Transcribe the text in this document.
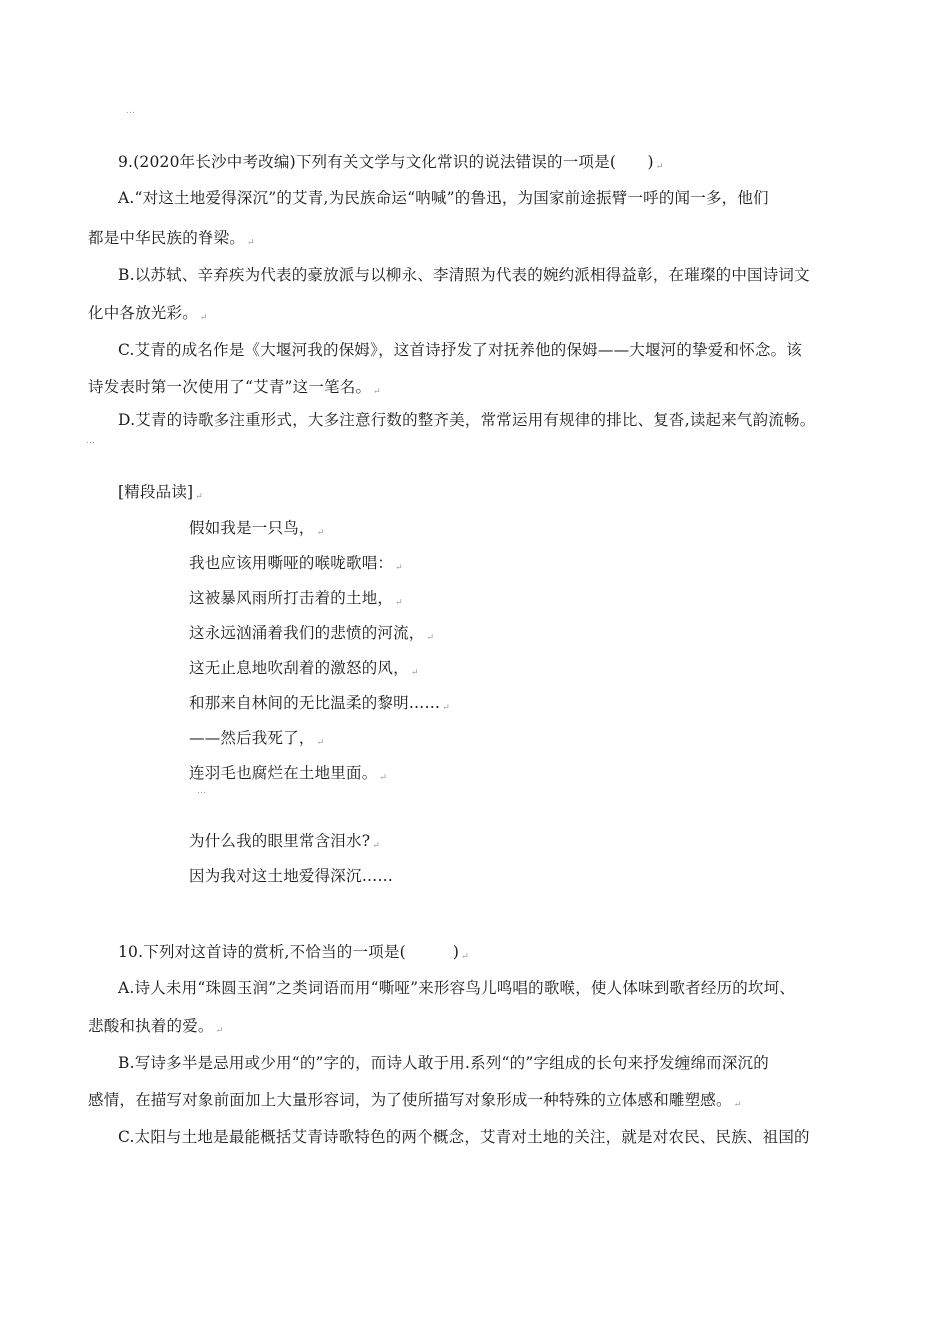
…
9.(2020年长沙中考改编)下列有关文学与文化常识的说法错误的一项是(　　) ↵
A.“对这土地爱得深沉”的艾青,为民族命运“呐喊”的鲁迅，为国家前途振臂一呼的闻一多，他们
都是中华民族的脊梁。 ↵
B.以苏轼、辛弃疾为代表的豪放派与以柳永、李清照为代表的婉约派相得益彰，在璀璨的中国诗词文
化中各放光彩。 ↵
C.艾青的成名作是《大堰河我的保姆》，这首诗抒发了对抚养他的保姆——大堰河的挚爱和怀念。该
诗发表时第一次使用了“艾青”这一笔名。 ↵
D.艾青的诗歌多注重形式，大多注意行数的整齐美，常常运用有规律的排比、复沓,读起来气韵流畅。
…
[精段品读] ↵
假如我是一只鸟， ↵
我也应该用嘶哑的喉咙歌唱： ↵
这被暴风雨所打击着的土地， ↵
这永远汹涌着我们的悲愤的河流， ↵
这无止息地吹刮着的激怒的风， ↵
和那来自林间的无比温柔的黎明…… ↵
——然后我死了， ↵
连羽毛也腐烂在土地里面。 ↵
…
为什么我的眼里常含泪水? ↵
因为我对这土地爱得深沉……
10.下列对这首诗的赏析,不恰当的一项是(　　　) ↵
A.诗人未用“珠圆玉润”之类词语而用“嘶哑”来形容鸟儿鸣唱的歌喉，使人体味到歌者经历的坎坷、
悲酸和执着的爱。 ↵
B.写诗多半是忌用或少用“的”字的，而诗人敢于用.系列“的”字组成的长句来抒发缠绵而深沉的
感情，在描写对象前面加上大量形容词，为了使所描写对象形成一种特殊的立体感和雕塑感。 ↵
C.太阳与土地是最能概括艾青诗歌特色的两个概念，艾青对土地的关注，就是对农民、民族、祖国的
